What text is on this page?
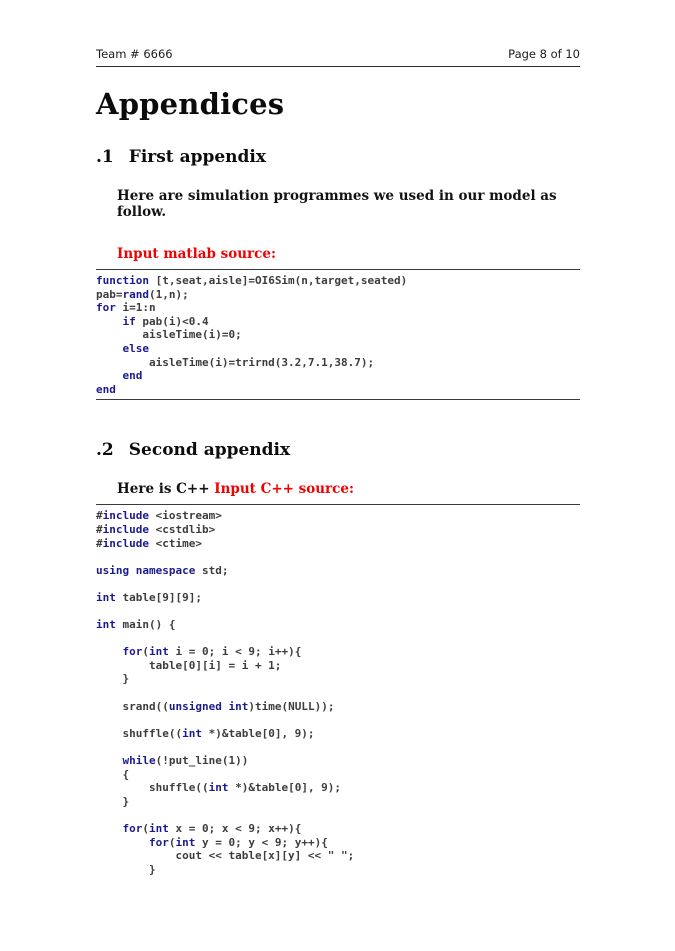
Team # 6666	Page 8 of 10
Appendices
.1 First appendix
Here are simulation programmes we used in our model as follow.
Input matlab source:
function [t,seat,aisle]=OI6Sim(n,target,seated)
pab=rand(1,n);
for i=1:n
if pab(i)<0.4
aisleTime(i)=0;
else
aisleTime(i)=trirnd(3.2,7.1,38.7);
end
end
.2 Second appendix
Here is C++ Input C++ source:
#include <iostream>
#include <cstdlib>
#include <ctime>

using namespace std;

int table[9][9];

int main() {

for(int i = 0; i < 9; i++){
table[0][i] = i + 1;
}

srand((unsigned int)time(NULL));

shuffle((int *)&table[0], 9);

while(!put_line(1))
{
shuffle((int *)&table[0], 9);
}

for(int x = 0; x < 9; x++){
for(int y = 0; y < 9; y++){
cout << table[x][y] << " ";
}
